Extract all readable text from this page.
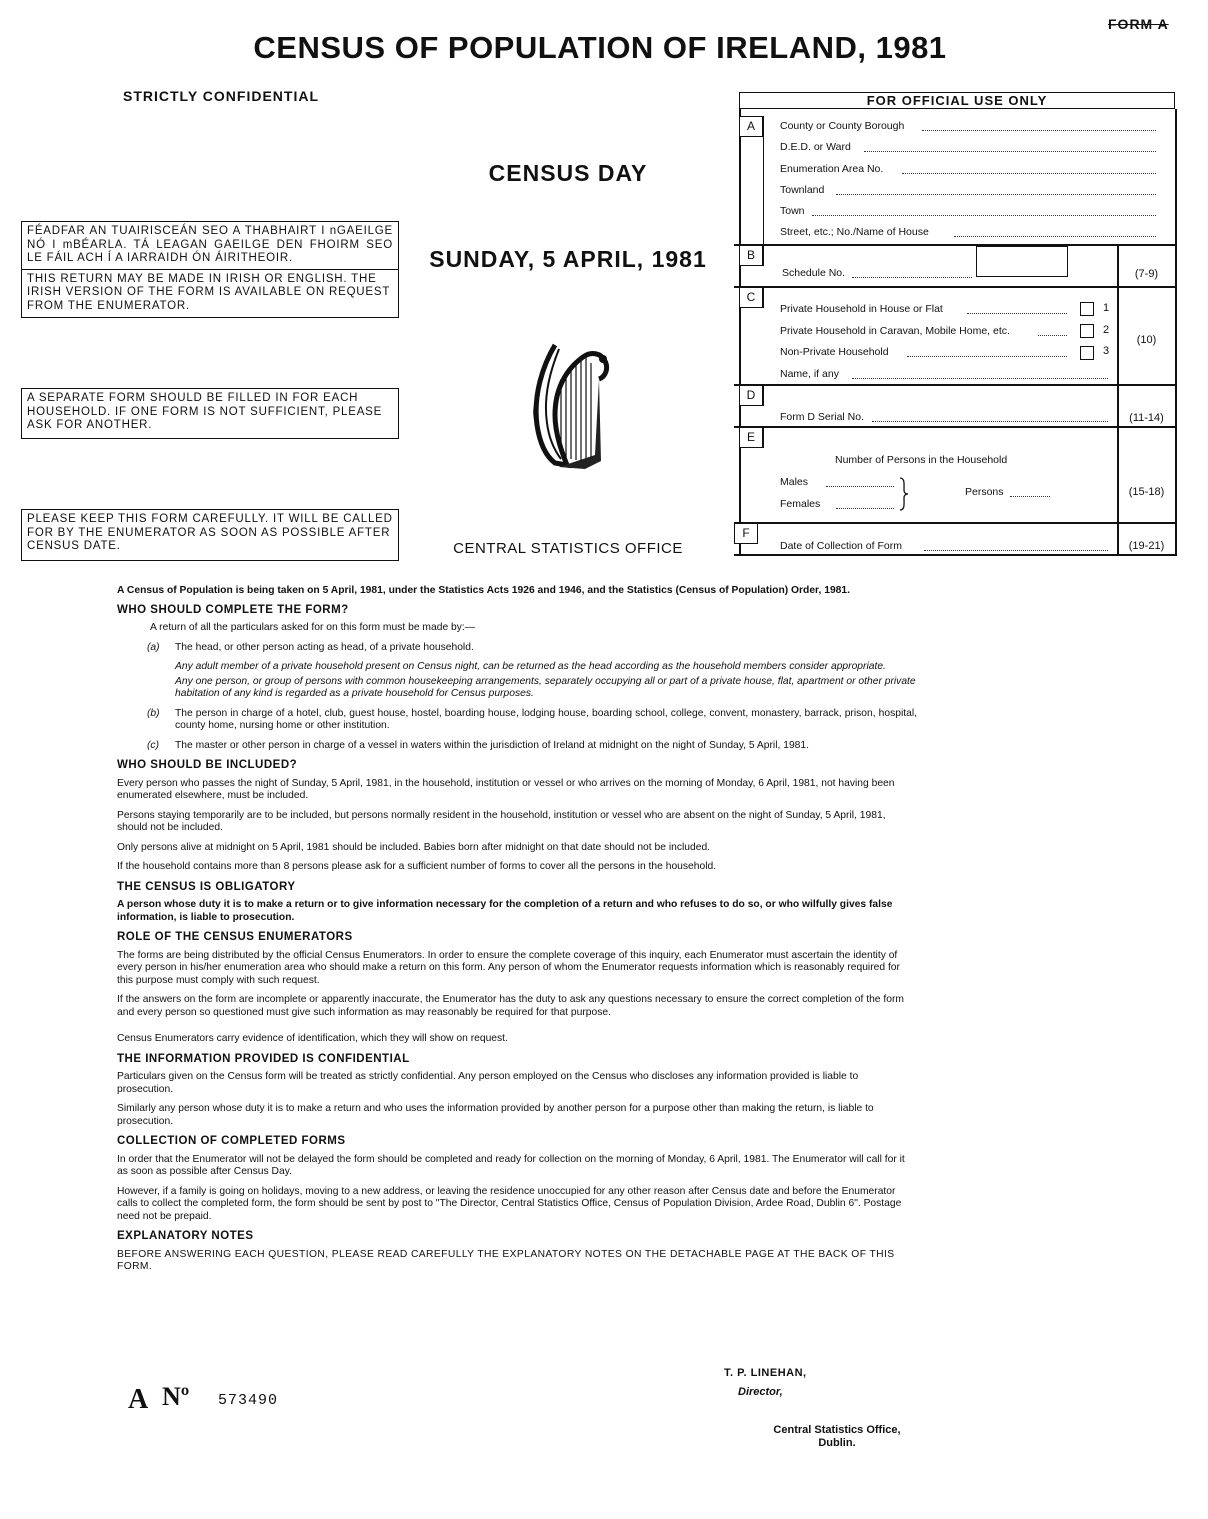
FORM A
CENSUS OF POPULATION OF IRELAND, 1981
STRICTLY CONFIDENTIAL
CENSUS DAY
SUNDAY, 5 APRIL, 1981

FÉADFAR AN TUAIRISCEÁN SEO A THABHAIRT I nGAEILGE NÓ I mBÉARLA. TÁ LEAGAN GAEILGE DEN FHOIRM SEO LE FÁIL ACH Í A IARRAIDH ÓN ÁIRITHEOIR.

THIS RETURN MAY BE MADE IN IRISH OR ENGLISH. THE IRISH VERSION OF THE FORM IS AVAILABLE ON REQUEST FROM THE ENUMERATOR.

A SEPARATE FORM SHOULD BE FILLED IN FOR EACH HOUSEHOLD. IF ONE FORM IS NOT SUFFICIENT, PLEASE ASK FOR ANOTHER.

PLEASE KEEP THIS FORM CAREFULLY. IT WILL BE CALLED FOR BY THE ENUMERATOR AS SOON AS POSSIBLE AFTER CENSUS DATE.	CENTRAL STATISTICS OFFICE
FOR OFFICIAL USE ONLY
A	County or County Borough
D.E.D. or Ward
Enumeration Area No.
Townland
Town
Street, etc.; No./Name of House
B
Schedule No.	(7-9)
C
Private Household in House or Flat	1
Private Household in Caravan, Mobile Home, etc.	2
Non-Private Household	3
Name, if any
(10)
D
Form D Serial No.	(11-14)
E
Number of Persons in the Household
Males
Females
Persons	(15-18)
F
Date of Collection of Form	(19-21)

A Census of Population is being taken on 5 April, 1981, under the Statistics Acts 1926 and 1946, and the Statistics (Census of Population) Order, 1981.

WHO SHOULD COMPLETE THE FORM?

A return of all the particulars asked for on this form must be made by:—

(a) The head, or other person acting as head, of a private household.

Any adult member of a private household present on Census night, can be returned as the head according as the household members consider appropriate.

Any one person, or group of persons with common housekeeping arrangements, separately occupying all or part of a private house, flat, apartment or other private habitation of any kind is regarded as a private household for Census purposes.

(b) The person in charge of a hotel, club, guest house, hostel, boarding house, lodging house, boarding school, college, convent, monastery, barrack, prison, hospital, county home, nursing home or other institution.

(c) The master or other person in charge of a vessel in waters within the jurisdiction of Ireland at midnight on the night of Sunday, 5 April, 1981.

WHO SHOULD BE INCLUDED?

Every person who passes the night of Sunday, 5 April, 1981, in the household, institution or vessel or who arrives on the morning of Monday, 6 April, 1981, not having been enumerated elsewhere, must be included.

Persons staying temporarily are to be included, but persons normally resident in the household, institution or vessel who are absent on the night of Sunday, 5 April, 1981, should not be included.

Only persons alive at midnight on 5 April, 1981 should be included. Babies born after midnight on that date should not be included.

If the household contains more than 8 persons please ask for a sufficient number of forms to cover all the persons in the household.

THE CENSUS IS OBLIGATORY

A person whose duty it is to make a return or to give information necessary for the completion of a return and who refuses to do so, or who wilfully gives false information, is liable to prosecution.

ROLE OF THE CENSUS ENUMERATORS

The forms are being distributed by the official Census Enumerators. In order to ensure the complete coverage of this inquiry, each Enumerator must ascertain the identity of every person in his/her enumeration area who should make a return on this form. Any person of whom the Enumerator requests information which is reasonably required for this purpose must comply with such request.

If the answers on the form are incomplete or apparently inaccurate, the Enumerator has the duty to ask any questions necessary to ensure the correct completion of the form and every person so questioned must give such information as may reasonably be required for that purpose.

Census Enumerators carry evidence of identification, which they will show on request.

THE INFORMATION PROVIDED IS CONFIDENTIAL

Particulars given on the Census form will be treated as strictly confidential. Any person employed on the Census who discloses any information provided is liable to prosecution.

Similarly any person whose duty it is to make a return and who uses the information provided by another person for a purpose other than making the return, is liable to prosecution.

COLLECTION OF COMPLETED FORMS

In order that the Enumerator will not be delayed the form should be completed and ready for collection on the morning of Monday, 6 April, 1981. The Enumerator will call for it as soon as possible after Census Day.

However, if a family is going on holidays, moving to a new address, or leaving the residence unoccupied for any other reason after Census date and before the Enumerator calls to collect the completed form, the form should be sent by post to "The Director, Central Statistics Office, Census of Population Division, Ardee Road, Dublin 6". Postage need not be prepaid.

EXPLANATORY NOTES

BEFORE ANSWERING EACH QUESTION, PLEASE READ CAREFULLY THE EXPLANATORY NOTES ON THE DETACHABLE PAGE AT THE BACK OF THIS FORM.

T. P. LINEHAN,
Director,
Central Statistics Office,
Dublin.
A Nº 573490
